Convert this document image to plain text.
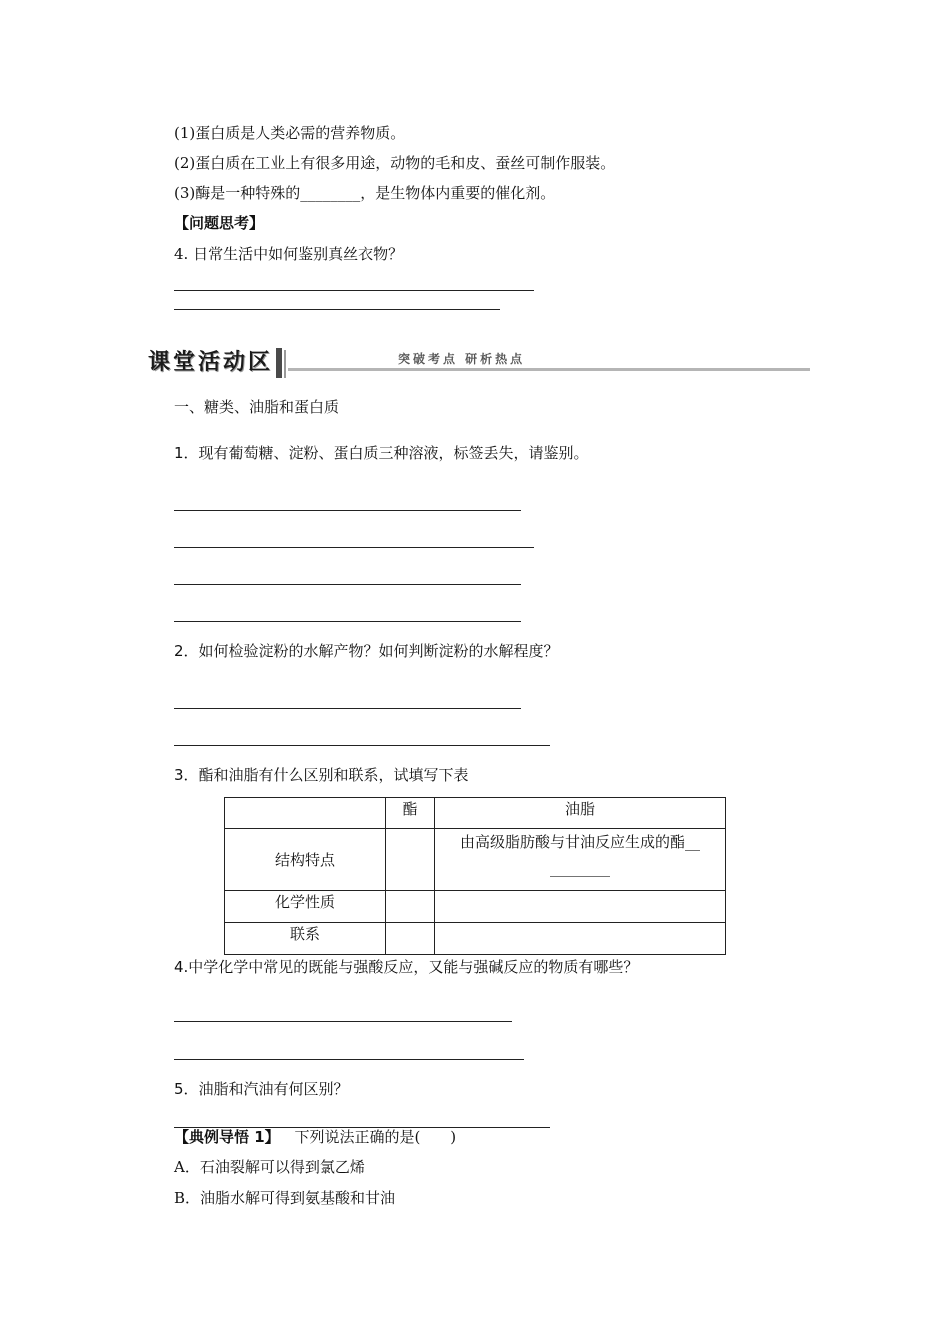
(1)蛋白质是人类必需的营养物质。
(2)蛋白质在工业上有很多用途，动物的毛和皮、蚕丝可制作服装。
(3)酶是一种特殊的________，是生物体内重要的催化剂。
【问题思考】
4. 日常生活中如何鉴别真丝衣物？
课堂活动区	突破考点 研析热点
一、糖类、油脂和蛋白质
1．现有葡萄糖、淀粉、蛋白质三种溶液，标签丢失，请鉴别。
2．如何检验淀粉的水解产物？如何判断淀粉的水解程度？
3．酯和油脂有什么区别和联系，试填写下表
	酯	油脂
结构特点		由高级脂肪酸与甘油反应生成的酯__
________

化学性质		
联系		
4.中学化学中常见的既能与强酸反应，又能与强碱反应的物质有哪些？
5．油脂和汽油有何区别？
【典例导悟 1】 下列说法正确的是(　　)
A．石油裂解可以得到氯乙烯
B．油脂水解可得到氨基酸和甘油
